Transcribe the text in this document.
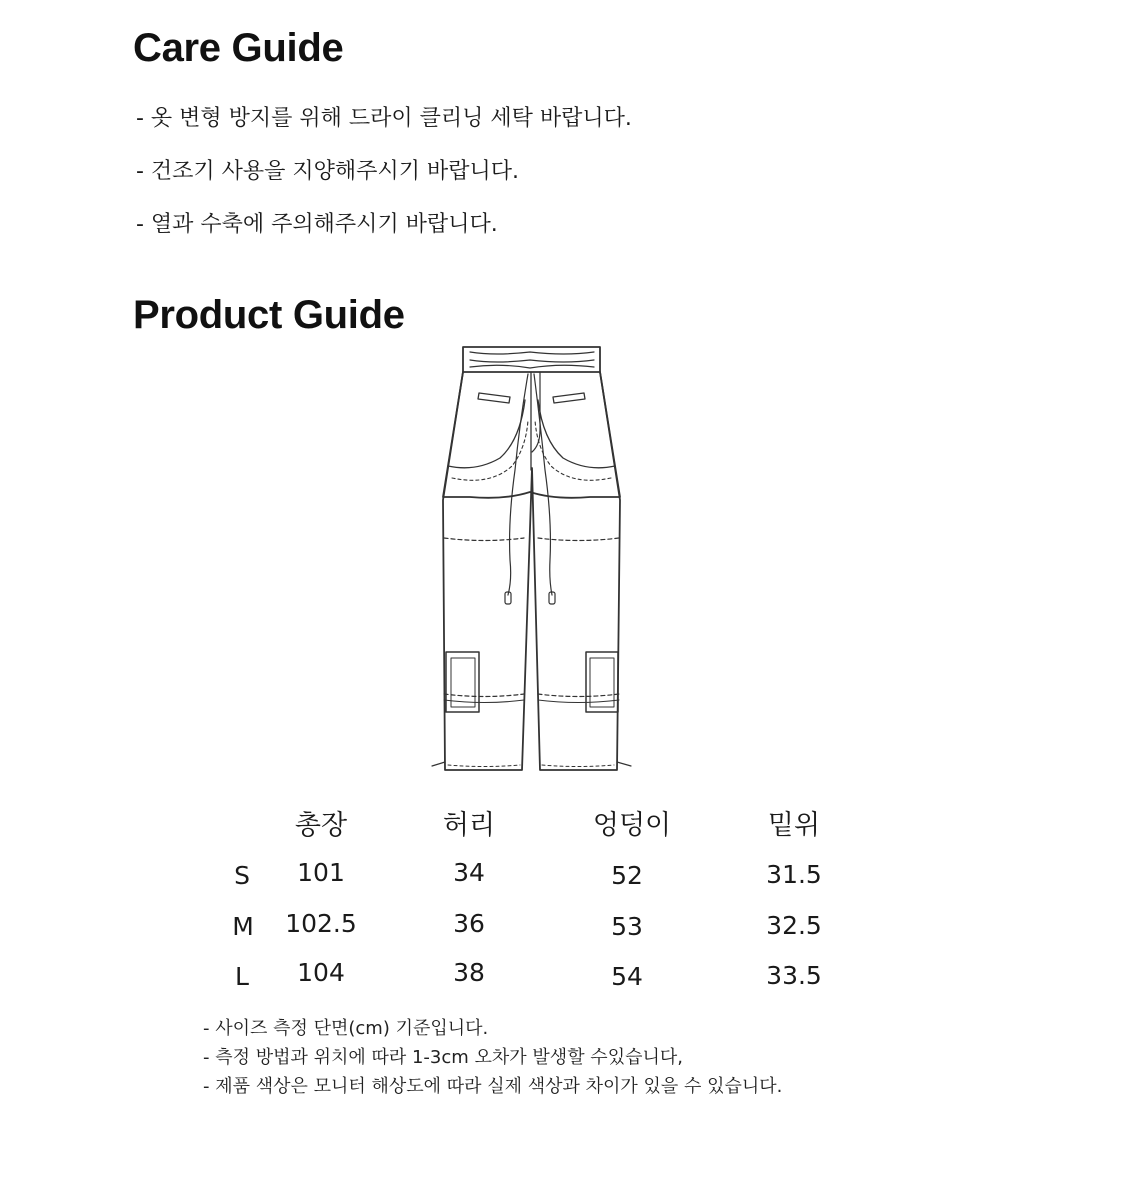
Care Guide
- 옷 변형 방지를 위해 드라이 클리닝 세탁 바랍니다.
- 건조기 사용을 지양해주시기 바랍니다.
- 열과 수축에 주의해주시기 바랍니다.
Product Guide
총장	허리	엉덩이	밑위
S 101	34	52	31.5
M 102.5	36	53	32.5
L 104	38	54	33.5
- 사이즈 측정 단면(cm) 기준입니다.
- 측정 방법과 위치에 따라 1-3cm 오차가 발생할 수있습니다,
- 제품 색상은 모니터 해상도에 따라 실제 색상과 차이가 있을 수 있습니다.
